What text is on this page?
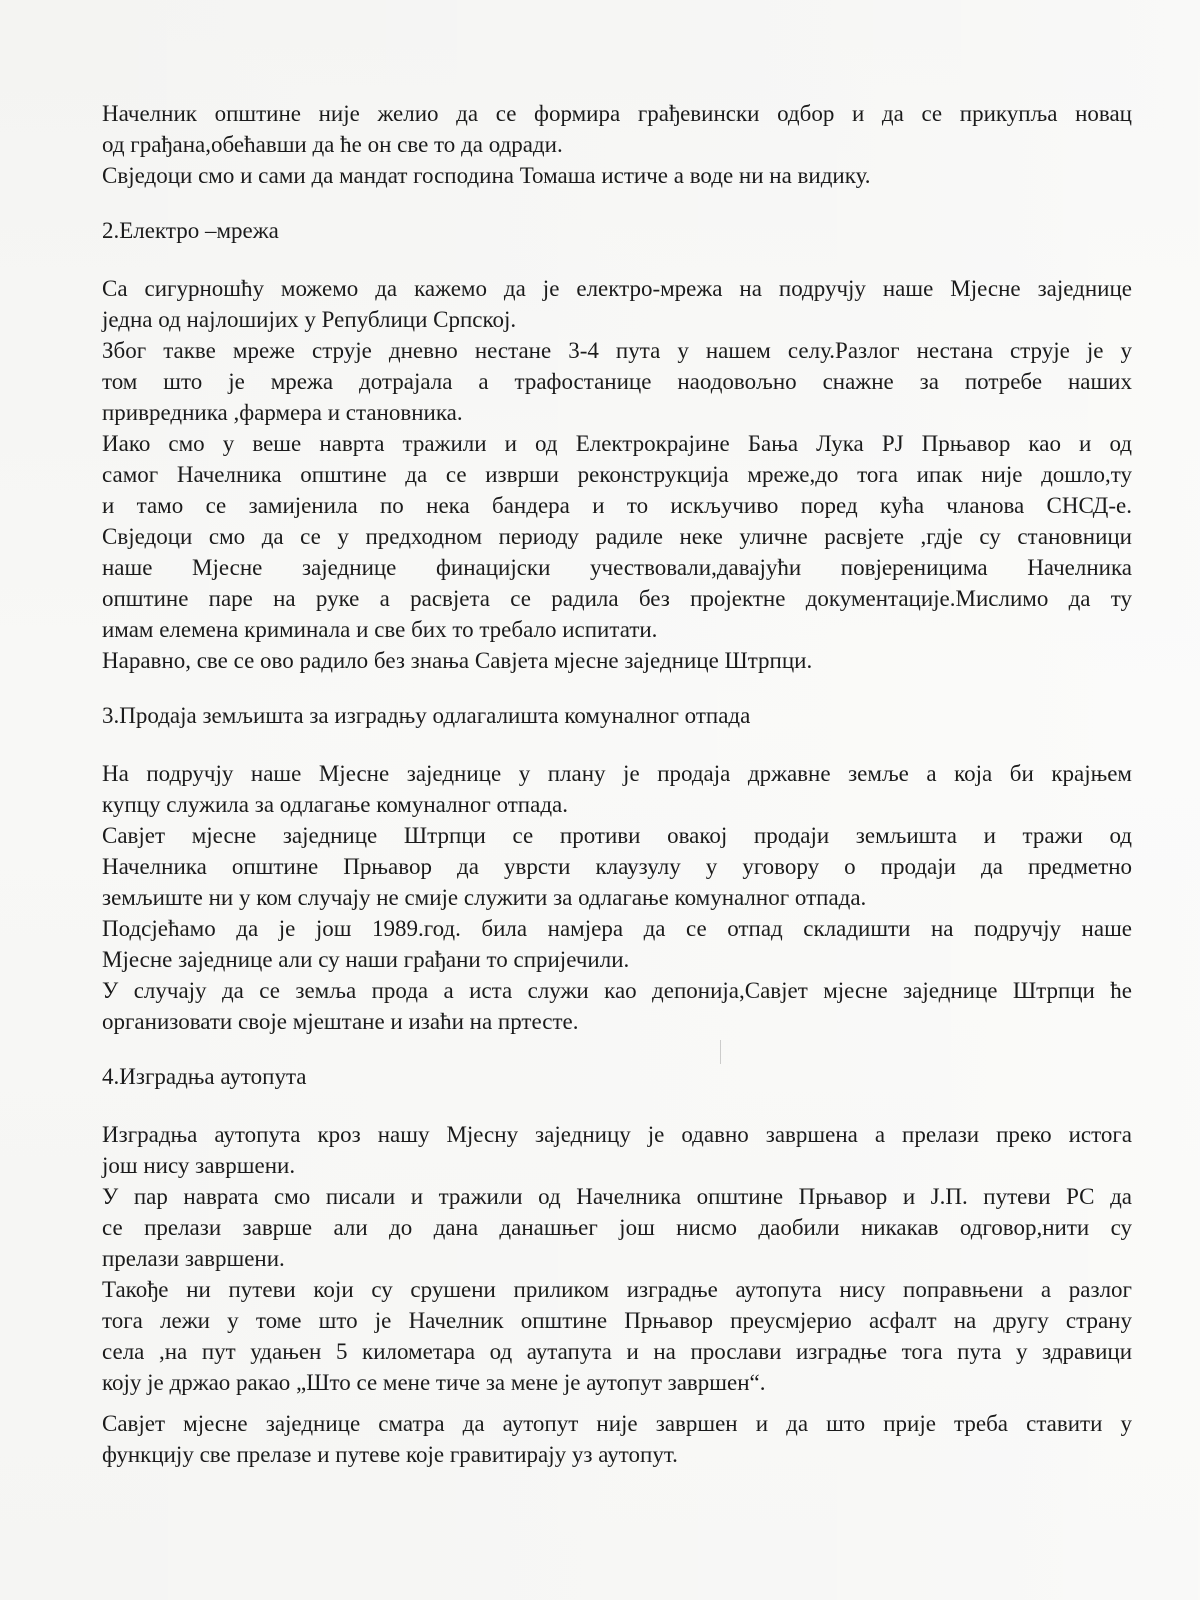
Начелник општине није желио да се формира грађевински одбор и да се прикупља новац
од грађана,обећавши да ће он све то да одради.
Свједоци смо и сами да мандат господина Томаша истиче а воде ни на видику.
2.Електро –мрежа
Са сигурношћу можемо да кажемо да је електро-мрежа на подручју наше Мјесне заједнице
једна од најлошијих у Републици Српској.
Због такве мреже струје дневно нестане 3-4 пута у нашем селу.Разлог нестана струје је у
том што је мрежа дотрајала а трафостанице наодовољно снажне за потребе наших
привредника ,фармера и становника.
Иако смо у веше наврта тражили и од Електрокрајине Бања Лука РЈ Прњавор као и од
самог Начелника општине да се изврши реконструкција мреже,до тога ипак није дошло,ту
и тамо се замијенила по нека бандера и то искључиво поред кућа чланова СНСД-е.
Свједоци смо да се у предходном периоду радиле неке уличне расвјете ,гдје су становници
наше Мјесне заједнице финацијски учествовали,давајући повјереницима Начелника
општине паре на руке а расвјета се радила без пројектне документације.Мислимо да ту
имам елемена криминала и све бих то требало испитати.
Наравно, све се ово радило без знања Савјета мјесне заједнице Штрпци.
3.Продаја земљишта за изградњу одлагалишта комуналног отпада
На подручју наше Мјесне заједнице у плану је продаја државне земље а која би крајњем
купцу служила за одлагање комуналног отпада.
Савјет мјесне заједнице Штрпци се противи овакој продаји земљишта и тражи од
Начелника општине Прњавор да уврсти клаузулу у уговору о продаји да предметно
земљиште ни у ком случају не смије служити за одлагање комуналног отпада.
Подсјећамо да је још 1989.год. била намјера да се отпад складишти на подручју наше
Мјесне заједнице али су наши грађани то спријечили.
У случају да се земља прода а иста служи као депонија,Савјет мјесне заједнице Штрпци ће
организовати своје мјештане и изаћи на пртесте.
4.Изградња аутопута
Изградња аутопута кроз нашу Мјесну заједницу је одавно завршена а прелази преко истога
још нису завршени.
У пар наврата смо писали и тражили од Начелника општине Прњавор и Ј.П. путеви РС да
се прелази заврше али до дана данашњег још нисмо даобили никакав одговор,нити су
прелази завршени.
Такође ни путеви који су срушени приликом изградње аутопута нису поправњени а разлог
тога лежи у томе што је Начелник општине Прњавор преусмјерио асфалт на другу страну
села ,на пут удањен 5 километара од аутапута и на прослави изградње тога пута у здравици
коју је држао ракао „Што се мене тиче за мене је аутопут завршен“.
Савјет мјесне заједнице сматра да аутопут није завршен и да што прије треба ставити у
функцију све прелазе и путеве које гравитирају уз аутопут.
